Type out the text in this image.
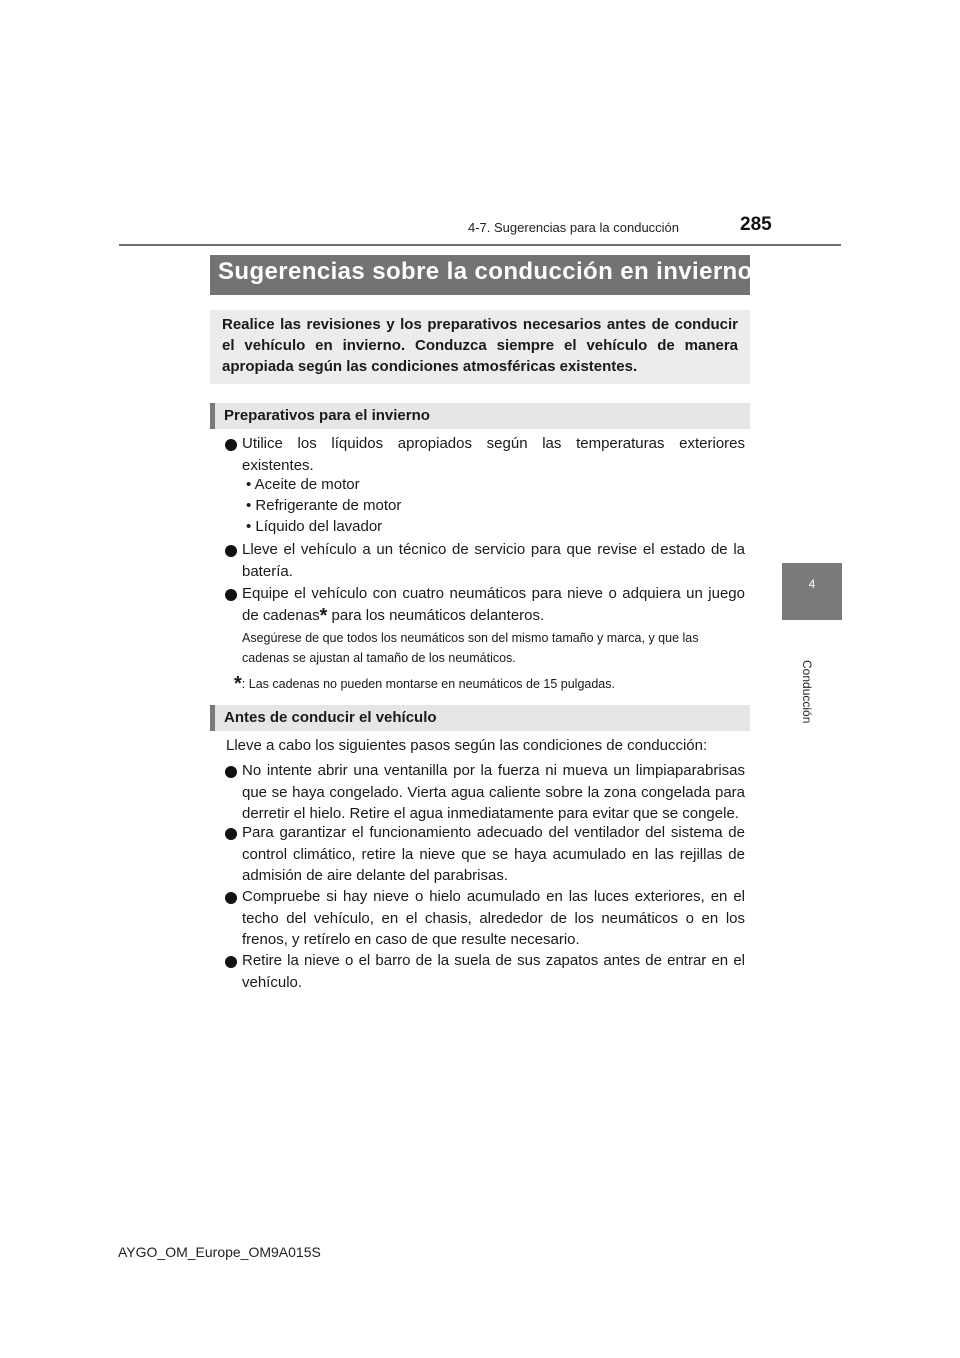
4-7. Sugerencias para la conducción	285
4
Conducción
Sugerencias sobre la conducción en invierno
Realice las revisiones y los preparativos necesarios antes de conducir el vehículo en invierno. Conduzca siempre el vehículo de manera apropiada según las condiciones atmosféricas existentes.
Preparativos para el invierno
Utilice los líquidos apropiados según las temperaturas exteriores existentes.
• Aceite de motor
• Refrigerante de motor
• Líquido del lavador
Lleve el vehículo a un técnico de servicio para que revise el estado de la batería.
Equipe el vehículo con cuatro neumáticos para nieve o adquiera un juego de cadenas* para los neumáticos delanteros.
Asegúrese de que todos los neumáticos son del mismo tamaño y marca, y que las cadenas se ajustan al tamaño de los neumáticos.
*: Las cadenas no pueden montarse en neumáticos de 15 pulgadas.
Antes de conducir el vehículo
Lleve a cabo los siguientes pasos según las condiciones de conducción:
No intente abrir una ventanilla por la fuerza ni mueva un limpiaparabrisas que se haya congelado. Vierta agua caliente sobre la zona congelada para derretir el hielo. Retire el agua inmediatamente para evitar que se congele.
Para garantizar el funcionamiento adecuado del ventilador del sistema de control climático, retire la nieve que se haya acumulado en las rejillas de admisión de aire delante del parabrisas.
Compruebe si hay nieve o hielo acumulado en las luces exteriores, en el techo del vehículo, en el chasis, alrededor de los neumáticos o en los frenos, y retírelo en caso de que resulte necesario.
Retire la nieve o el barro de la suela de sus zapatos antes de entrar en el vehículo.
AYGO_OM_Europe_OM9A015S
